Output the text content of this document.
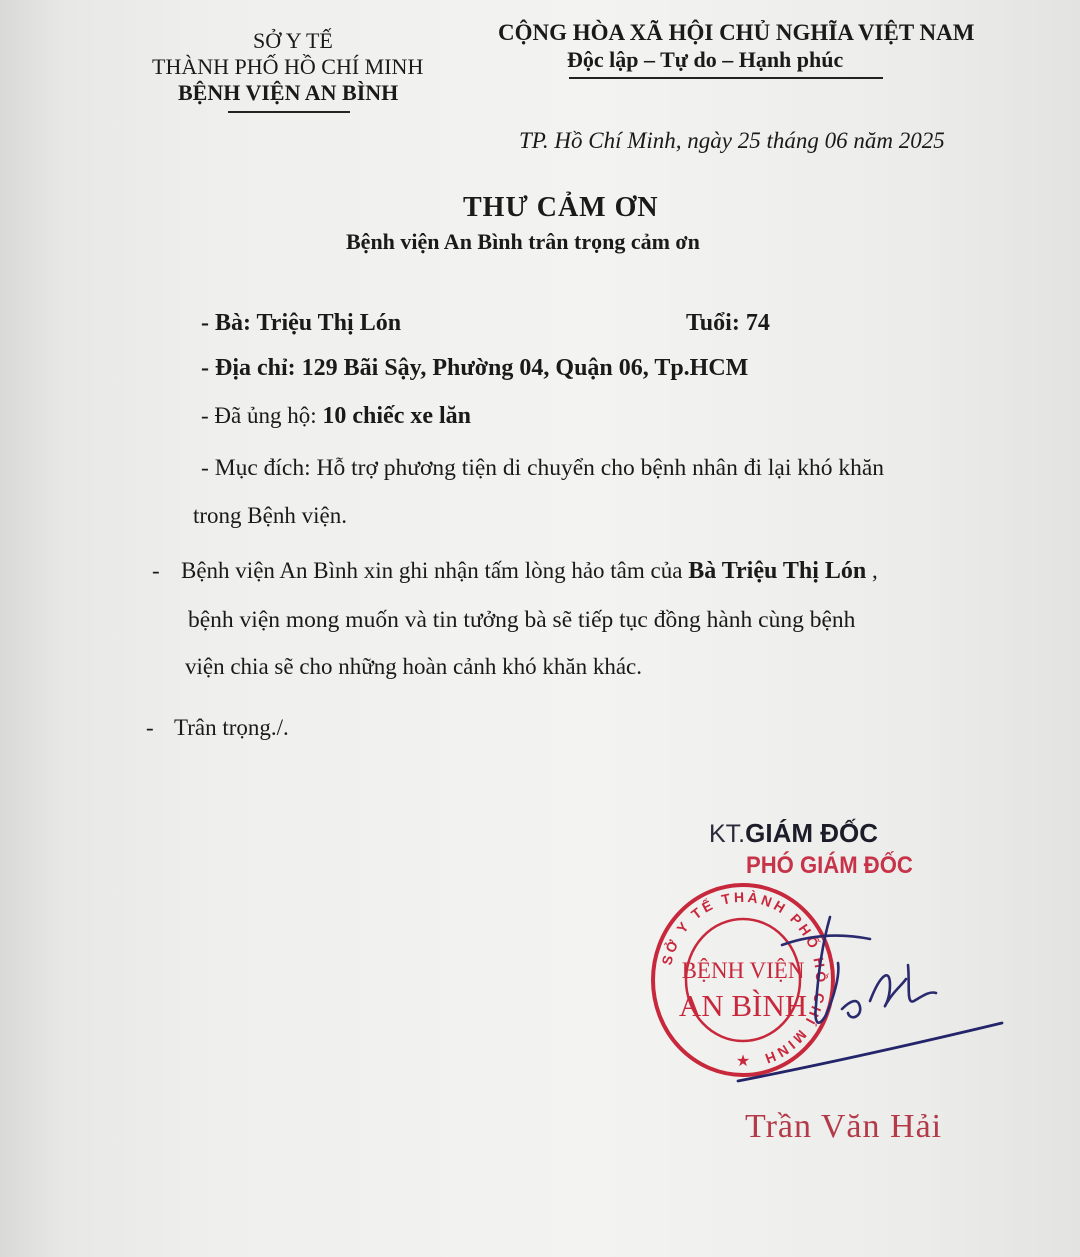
SỞ Y TẾ
THÀNH PHỐ HỒ CHÍ MINH
BỆNH VIỆN AN BÌNH
CỘNG HÒA XÃ HỘI CHỦ NGHĨA VIỆT NAM
Độc lập – Tự do – Hạnh phúc
TP. Hồ Chí Minh, ngày 25 tháng 06 năm 2025
THƯ CẢM ƠN
Bệnh viện An Bình trân trọng cảm ơn
- Bà: Triệu Thị Lón	Tuổi: 74
- Địa chỉ: 129 Bãi Sậy, Phường 04, Quận 06, Tp.HCM
- Đã ủng hộ: 10 chiếc xe lăn
- Mục đích: Hỗ trợ phương tiện di chuyển cho bệnh nhân đi lại khó khăn
trong Bệnh viện.
- Bệnh viện An Bình xin ghi nhận tấm lòng hảo tâm của Bà Triệu Thị Lón ,
bệnh viện mong muốn và tin tưởng bà sẽ tiếp tục đồng hành cùng bệnh
viện chia sẽ cho những hoàn cảnh khó khăn khác.
- Trân trọng./.
KT.GIÁM ĐỐC
PHÓ GIÁM ĐỐC
SỞ Y TẾ THÀNH PHỐ HỒ CHÍ MINH
BỆNH VIỆN
AN BÌNH
★
Trần Văn Hải
